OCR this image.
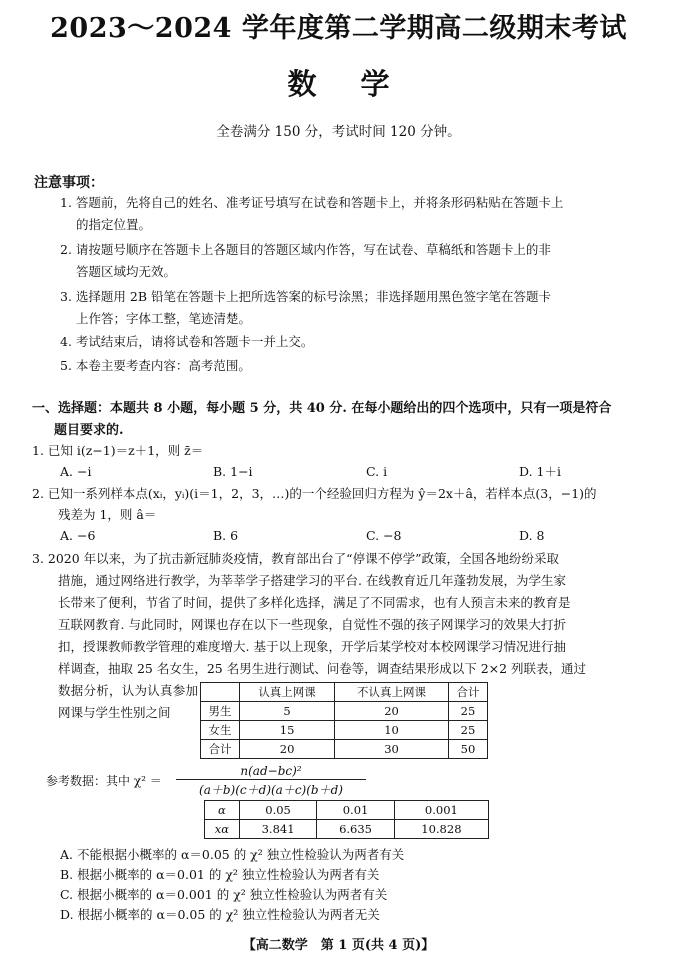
2023～2024 学年度第二学期高二级期末考试
数学
全卷满分 150 分，考试时间 120 分钟。
注意事项：
1. 答题前，先将自己的姓名、准考证号填写在试卷和答题卡上，并将条形码粘贴在答题卡上
的指定位置。
2. 请按题号顺序在答题卡上各题目的答题区域内作答，写在试卷、草稿纸和答题卡上的非
答题区域均无效。
3. 选择题用 2B 铅笔在答题卡上把所选答案的标号涂黑；非选择题用黑色签字笔在答题卡
上作答；字体工整，笔迹清楚。
4. 考试结束后，请将试卷和答题卡一并上交。
5. 本卷主要考查内容：高考范围。
一、选择题：本题共 8 小题，每小题 5 分，共 40 分. 在每小题给出的四个选项中，只有一项是符合
题目要求的.
1. 已知 i(z−1)＝z＋1，则 z̄＝
A. −i	B. 1−i	C. i	D. 1＋i
2. 已知一系列样本点(xᵢ，yᵢ)(i＝1，2，3，…)的一个经验回归方程为 ŷ＝2x＋â，若样本点(3，−1)的
残差为 1，则 â＝
A. −6	B. 6	C. −8	D. 8
3. 2020 年以来，为了抗击新冠肺炎疫情，教育部出台了“停课不停学”政策，全国各地纷纷采取
措施，通过网络进行教学，为莘莘学子搭建学习的平台. 在线教育近几年蓬勃发展，为学生家
长带来了便利，节省了时间，提供了多样化选择，满足了不同需求，也有人预言未来的教育是
互联网教育. 与此同时，网课也存在以下一些现象，自觉性不强的孩子网课学习的效果大打折
扣，授课教师教学管理的难度增大. 基于以上现象，开学后某学校对本校网课学习情况进行抽
样调查，抽取 25 名女生，25 名男生进行测试、问卷等，调查结果形成以下 2×2 列联表，通过
	认真上网课	不认真上网课	合计
男生	5	20	25
女生	15	10	25
合计	20	30	50
参考数据：其中 $\chi^2 = \frac{\text{n(ad−bc)²}}{(a+b)(c+d)(a+c)(b+d)}$
α	0.05	0.01	0.001
xα	3.841	6.635	10.828
A. 不能根据小概率的 α＝0.05 的 χ² 独立性检验认为两者有关
B. 根据小概率的 α＝0.01 的 χ² 独立性检验认为两者有关
C. 根据小概率的 α＝0.001 的 χ² 独立性检验认为两者有关
D. 根据小概率的 α＝0.05 的 χ² 独立性检验认为两者无关
【高二数学　第 1 页(共 4 页)】
数据分析，认为认真参加网课与学生性别之间
